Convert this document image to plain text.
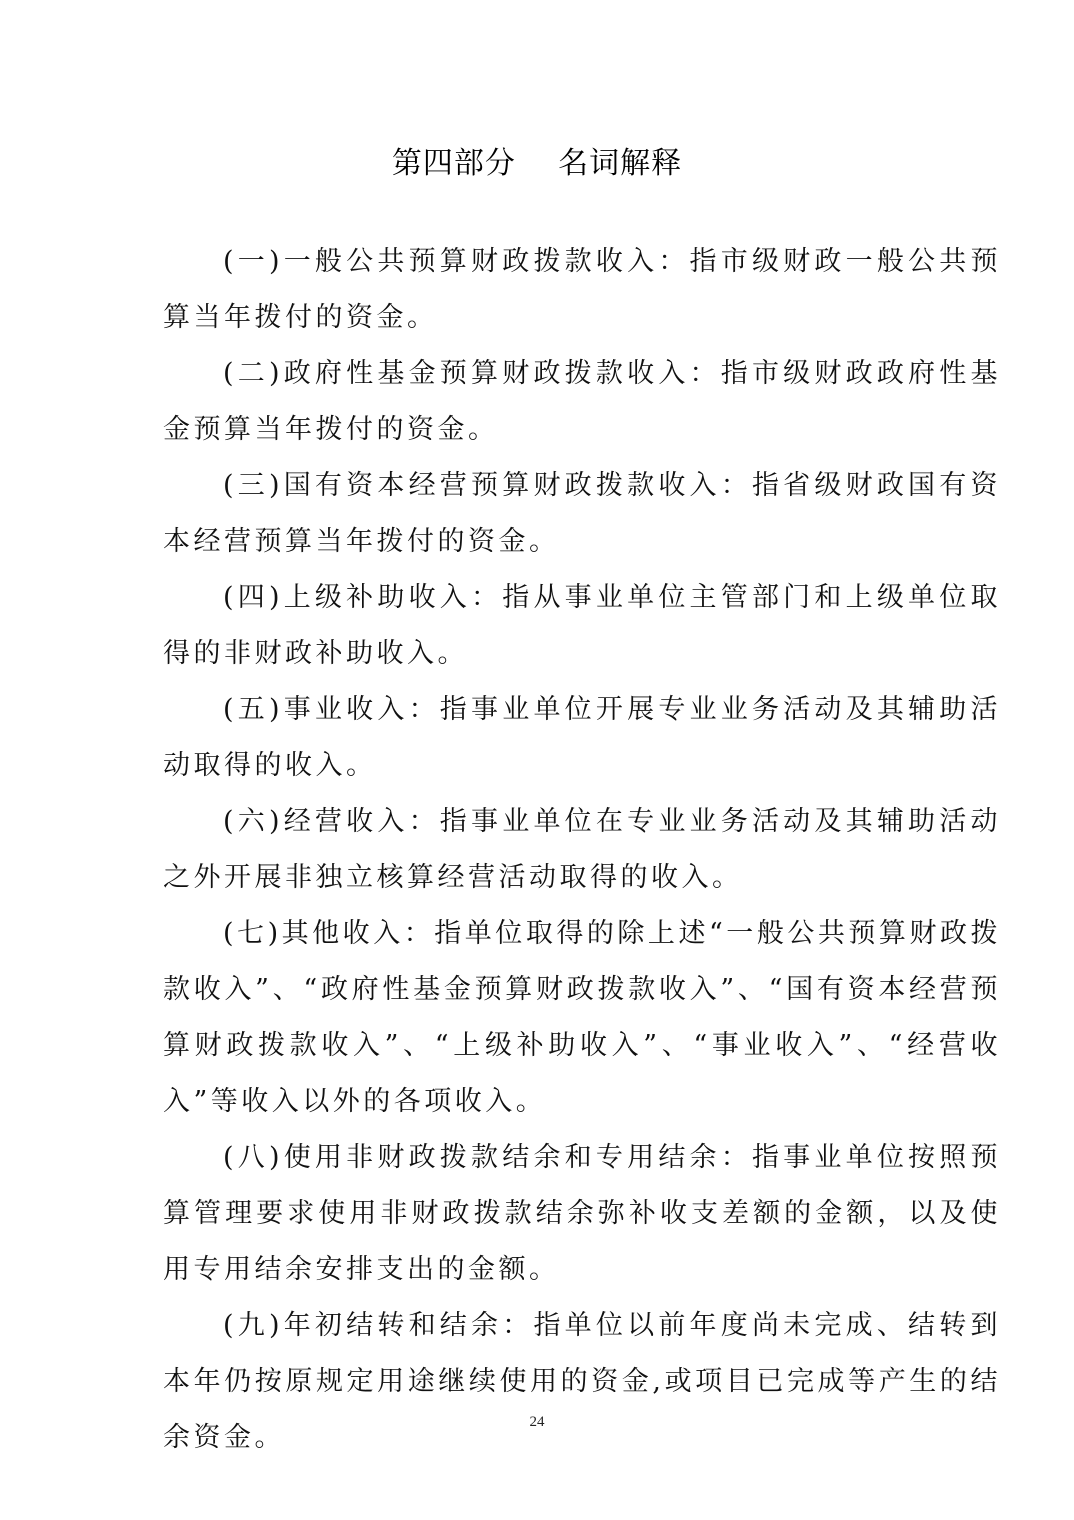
第四部分    名词解释

(一)一般公共预算财政拨款收入：指市级财政一般公共预算当年拨付的资金。

(二)政府性基金预算财政拨款收入：指市级财政政府性基金预算当年拨付的资金。

(三)国有资本经营预算财政拨款收入：指省级财政国有资本经营预算当年拨付的资金。

(四)上级补助收入：指从事业单位主管部门和上级单位取得的非财政补助收入。

(五)事业收入：指事业单位开展专业业务活动及其辅助活动取得的收入。

(六)经营收入：指事业单位在专业业务活动及其辅助活动之外开展非独立核算经营活动取得的收入。

(七)其他收入：指单位取得的除上述“一般公共预算财政拨款收入”、“政府性基金预算财政拨款收入”、“国有资本经营预算财政拨款收入”、“上级补助收入”、“事业收入”、“经营收入”等收入以外的各项收入。

(八)使用非财政拨款结余和专用结余：指事业单位按照预算管理要求使用非财政拨款结余弥补收支差额的金额，以及使用专用结余安排支出的金额。

(九)年初结转和结余：指单位以前年度尚未完成、结转到本年仍按原规定用途继续使用的资金,或项目已完成等产生的结余资金。	24
